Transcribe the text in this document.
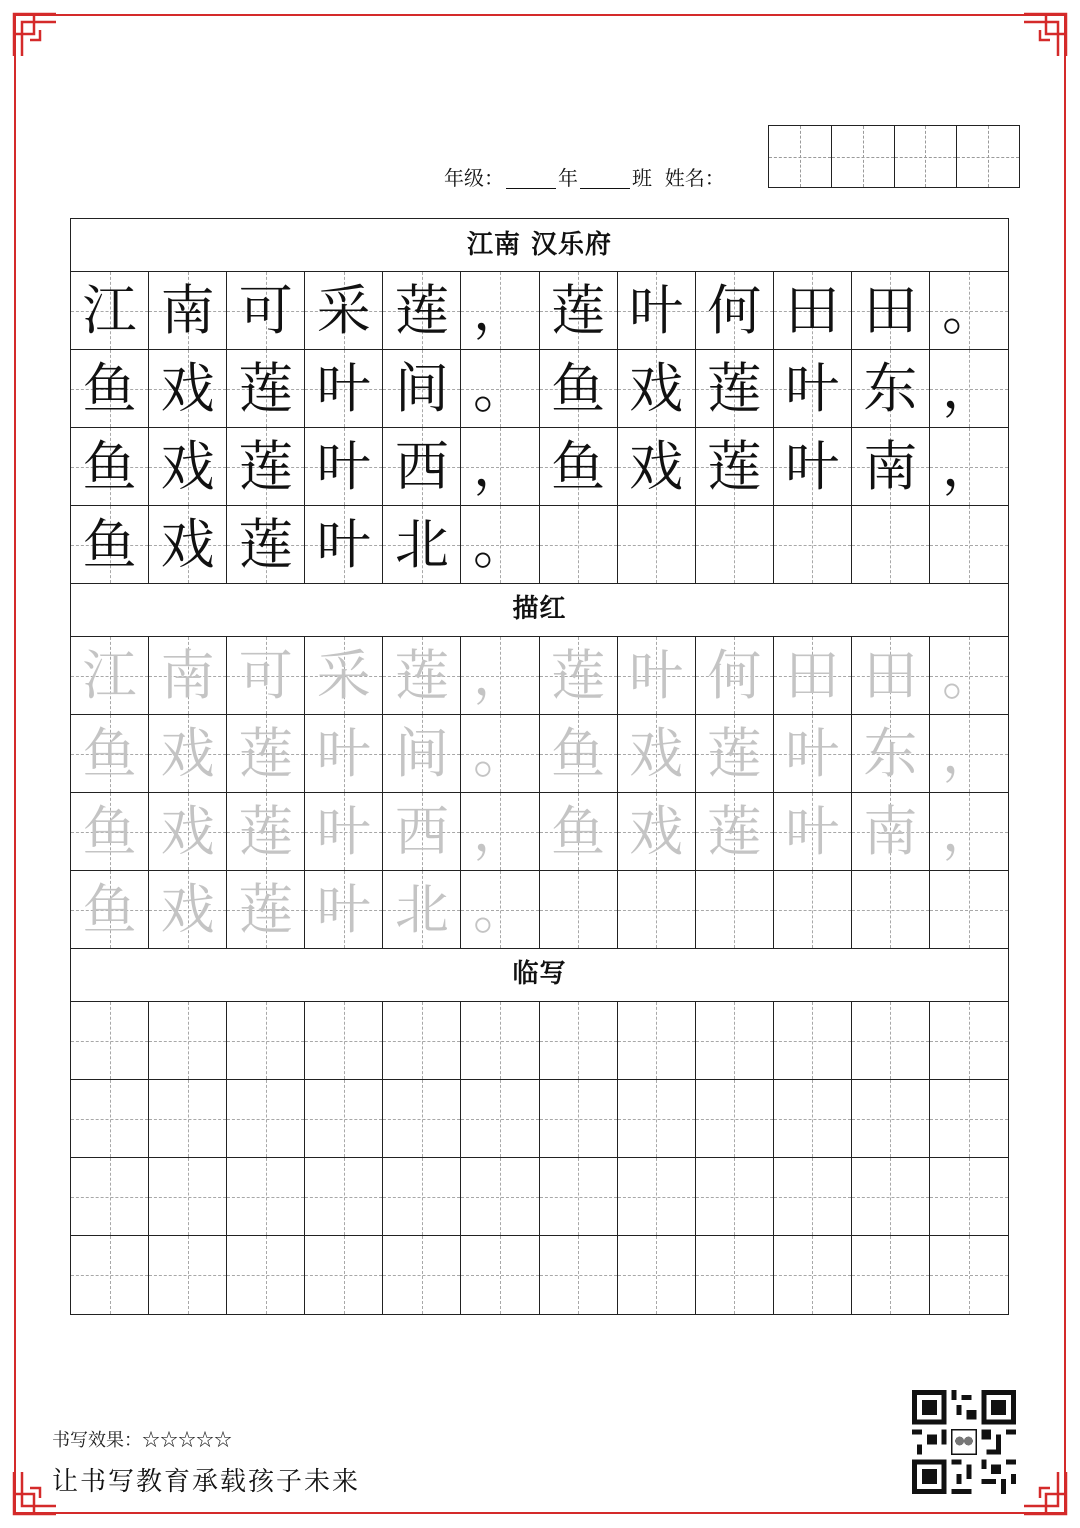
年级：	年	班 姓名：
江南 汉乐府
江 南 可 采 莲 ， 莲 叶 何 田 田 。
鱼 戏 莲 叶 间 。 鱼 戏 莲 叶 东 ，
鱼 戏 莲 叶 西 ， 鱼 戏 莲 叶 南 ，
鱼 戏 莲 叶 北 。
描红
江 南 可 采 莲 ， 莲 叶 何 田 田 。
鱼 戏 莲 叶 间 。 鱼 戏 莲 叶 东 ，
鱼 戏 莲 叶 西 ， 鱼 戏 莲 叶 南 ，
鱼 戏 莲 叶 北 。
临写
书写效果：☆☆☆☆☆
让书写教育承载孩子未来
